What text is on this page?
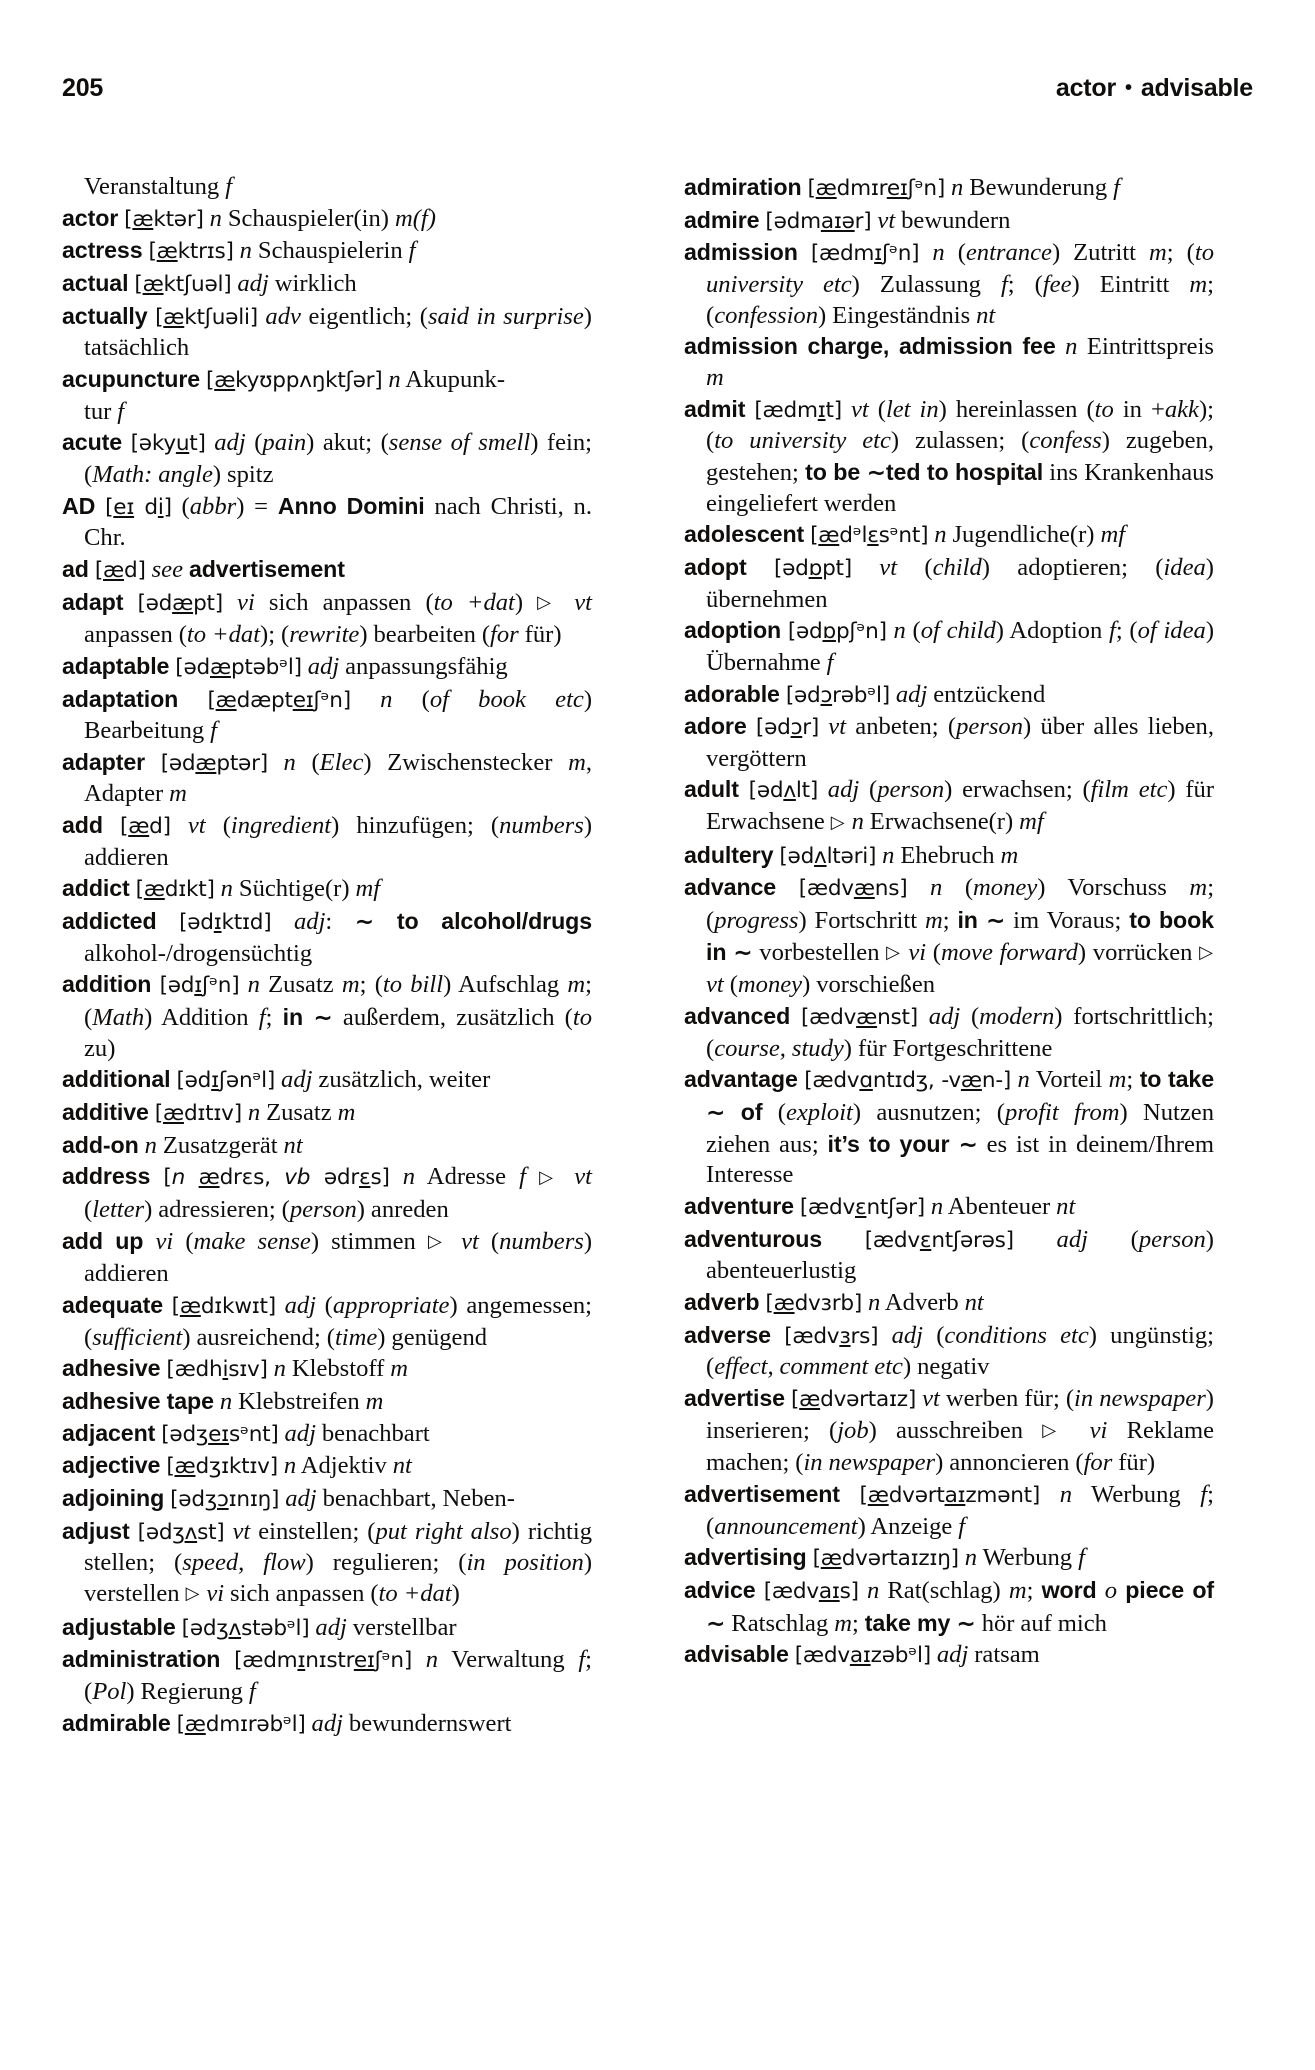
205	actor • advisable

Veranstaltung f

actor [æktər] n Schauspieler(in) m(f)

actress [æktrɪs] n Schauspielerin f

actual [æktʃuəl] adj wirklich

actually [æktʃuəli] adv eigentlich; (said in surprise) tatsächlich

acupuncture [ækyʊppʌŋktʃər] n Akupunk-
tur f

acute [əkyut] adj (pain) akut; (sense of smell) fein; (Math: angle) spitz

AD [eɪ di] (abbr) = Anno Domini nach Christi, n. Chr.

ad [æd] see advertisement

adapt [ədæpt] vi sich anpassen (to +dat) ▷ vt anpassen (to +dat); (rewrite) bearbeiten (for für)

adaptable [ədæptəbᵊl] adj anpassungsfähig

adaptation [ædæpteɪʃᵊn] n (of book etc) Bearbeitung f

adapter [ədæptər] n (Elec) Zwischenstecker m, Adapter m

add [æd] vt (ingredient) hinzufügen; (numbers) addieren

addict [ædɪkt] n Süchtige(r) mf

addicted [ədɪktɪd] adj: ~ to alcohol/drugs alkohol-/drogensüchtig

addition [ədɪʃᵊn] n Zusatz m; (to bill) Aufschlag m; (Math) Addition f; in ~ außerdem, zusätzlich (to zu)

additional [ədɪʃənᵊl] adj zusätzlich, weiter

additive [ædɪtɪv] n Zusatz m

add-on n Zusatzgerät nt

address [n ædrɛs, vb ədrɛs] n Adresse f ▷ vt (letter) adressieren; (person) anreden

add up vi (make sense) stimmen ▷ vt (numbers) addieren

adequate [ædɪkwɪt] adj (appropriate) angemessen; (sufficient) ausreichend; (time) genügend

adhesive [ædhisɪv] n Klebstoff m

adhesive tape n Klebstreifen m

adjacent [ədʒeɪsᵊnt] adj benachbart

adjective [ædʒɪktɪv] n Adjektiv nt

adjoining [ədʒɔɪnɪŋ] adj benachbart, Neben-

adjust [ədʒʌst] vt einstellen; (put right also) richtig stellen; (speed, flow) regulieren; (in position) verstellen ▷ vi sich anpassen (to +dat)

adjustable [ədʒʌstəbᵊl] adj verstellbar

administration [ædmɪnɪstreɪʃᵊn] n Verwaltung f; (Pol) Regierung f

admirable [ædmɪrəbᵊl] adj bewundernswert

admiration [ædmɪreɪʃᵊn] n Bewunderung f

admire [ədmaɪər] vt bewundern

admission [ædmɪʃᵊn] n (entrance) Zutritt m; (to university etc) Zulassung f; (fee) Eintritt m; (confession) Eingeständnis nt

admission charge, admission fee n Eintrittspreis m

admit [ædmɪt] vt (let in) hereinlassen (to in +akk); (to university etc) zulassen; (confess) zugeben, gestehen; to be ~ted to hospital ins Krankenhaus eingeliefert werden

adolescent [ædᵊlɛsᵊnt] n Jugendliche(r) mf

adopt [ədɒpt] vt (child) adoptieren; (idea) übernehmen

adoption [ədɒpʃᵊn] n (of child) Adoption f; (of idea) Übernahme f

adorable [ədɔrəbᵊl] adj entzückend

adore [ədɔr] vt anbeten; (person) über alles lieben, vergöttern

adult [ədʌlt] adj (person) erwachsen; (film etc) für Erwachsene ▷ n Erwachsene(r) mf

adultery [ədʌltəri] n Ehebruch m

advance [ædvæns] n (money) Vorschuss m; (progress) Fortschritt m; in ~ im Voraus; to book in ~ vorbestellen ▷ vi (move forward) vorrücken ▷ vt (money) vorschießen

advanced [ædvænst] adj (modern) fortschrittlich; (course, study) für Fortgeschrittene

advantage [ædvɑntɪdʒ, -væn-] n Vorteil m; to take ~ of (exploit) ausnutzen; (profit from) Nutzen ziehen aus; it’s to your ~ es ist in deinem/Ihrem Interesse

adventure [ædvɛntʃər] n Abenteuer nt

adventurous [ædvɛntʃərəs] adj (person) abenteuerlustig

adverb [ædvɜrb] n Adverb nt

adverse [ædvɜrs] adj (conditions etc) ungünstig; (effect, comment etc) negativ

advertise [ædvərtaɪz] vt werben für; (in newspaper) inserieren; (job) ausschreiben ▷ vi Reklame machen; (in newspaper) annoncieren (for für)

advertisement [ædvərtaɪzmənt] n Werbung f; (announcement) Anzeige f

advertising [ædvərtaɪzɪŋ] n Werbung f

advice [ædvaɪs] n Rat(schlag) m; word o piece of ~ Ratschlag m; take my ~ hör auf mich

advisable [ædvaɪzəbᵊl] adj ratsam
